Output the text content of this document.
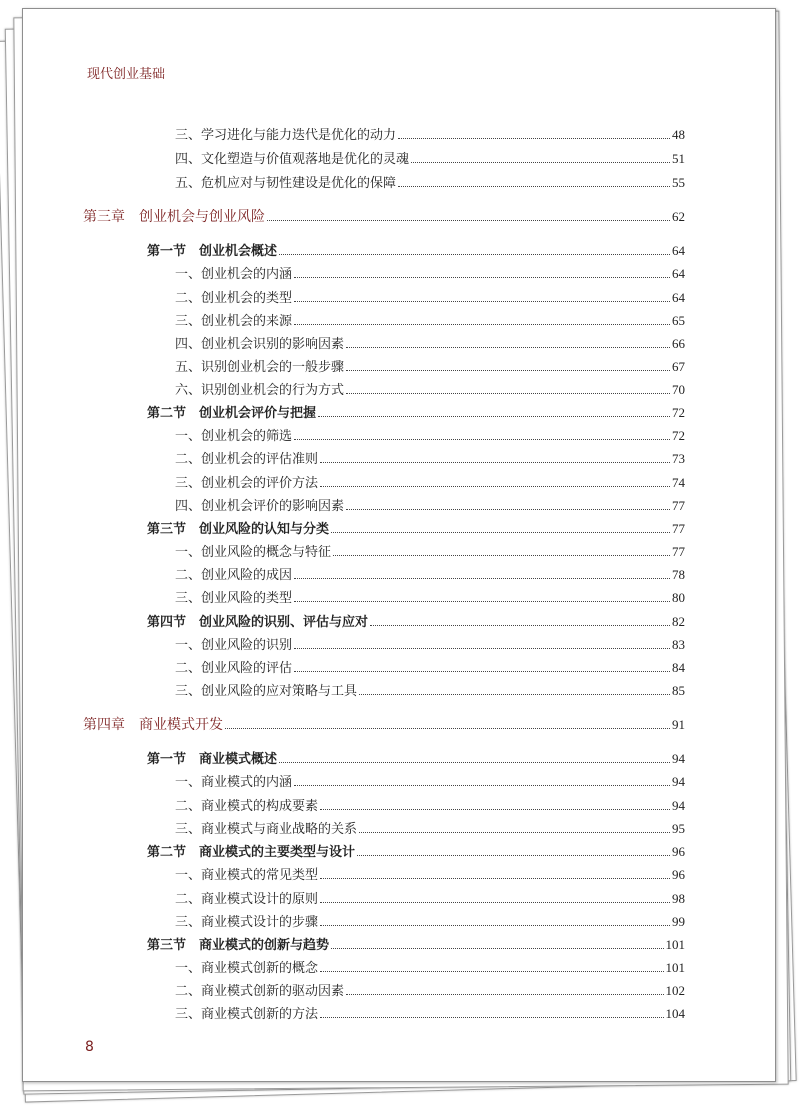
现代创业基础
三、学习进化与能力迭代是优化的动力	48
四、文化塑造与价值观落地是优化的灵魂	51
五、危机应对与韧性建设是优化的保障	55
第三章　创业机会与创业风险	62
第一节　创业机会概述	64
一、创业机会的内涵	64
二、创业机会的类型	64
三、创业机会的来源	65
四、创业机会识别的影响因素	66
五、识别创业机会的一般步骤	67
六、识别创业机会的行为方式	70
第二节　创业机会评价与把握	72
一、创业机会的筛选	72
二、创业机会的评估准则	73
三、创业机会的评价方法	74
四、创业机会评价的影响因素	77
第三节　创业风险的认知与分类	77
一、创业风险的概念与特征	77
二、创业风险的成因	78
三、创业风险的类型	80
第四节　创业风险的识别、评估与应对	82
一、创业风险的识别	83
二、创业风险的评估	84
三、创业风险的应对策略与工具	85
第四章　商业模式开发	91
第一节　商业模式概述	94
一、商业模式的内涵	94
二、商业模式的构成要素	94
三、商业模式与商业战略的关系	95
第二节　商业模式的主要类型与设计	96
一、商业模式的常见类型	96
二、商业模式设计的原则	98
三、商业模式设计的步骤	99
第三节　商业模式的创新与趋势	101
一、商业模式创新的概念	101
二、商业模式创新的驱动因素	102
三、商业模式创新的方法	104
8
